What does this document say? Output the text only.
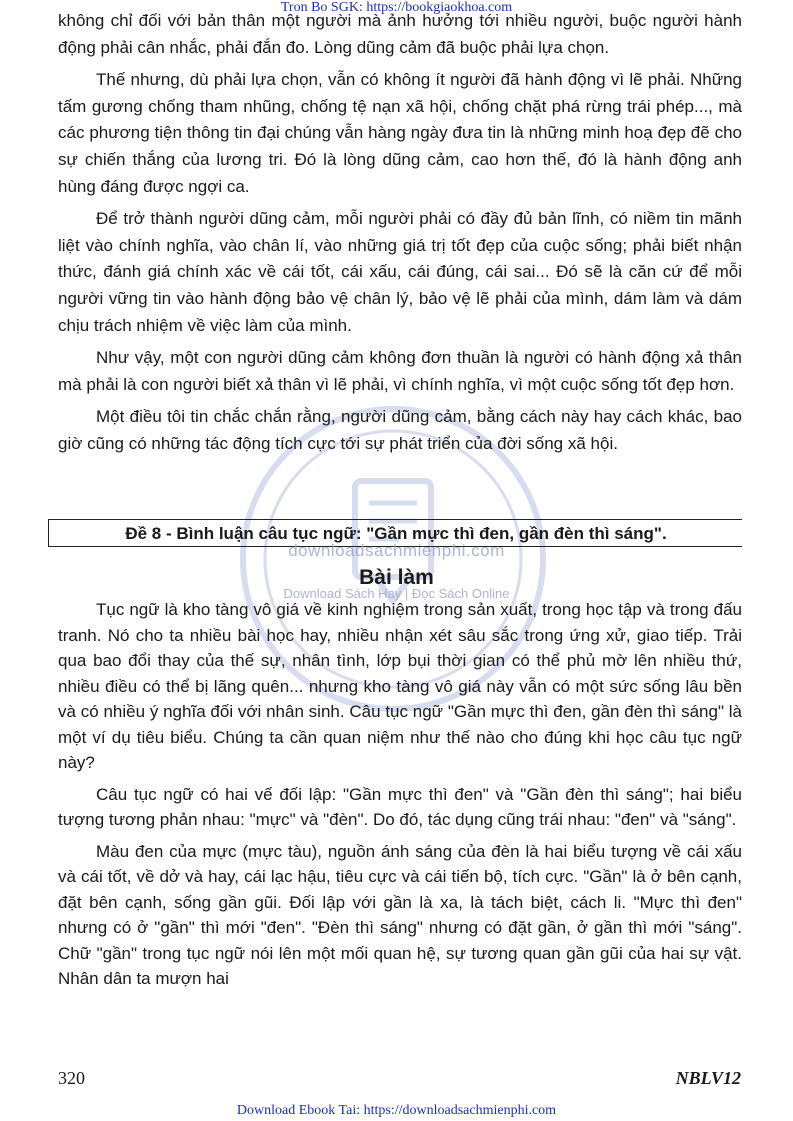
Tron Bo SGK: https://bookgiaokhoa.com

không chỉ đối với bản thân một người mà ảnh hưởng tới nhiều người, buộc người hành động phải cân nhắc, phải đắn đo. Lòng dũng cảm đã buộc phải lựa chọn.

Thế nhưng, dù phải lựa chọn, vẫn có không ít người đã hành động vì lẽ phải. Những tấm gương chống tham nhũng, chống tệ nạn xã hội, chống chặt phá rừng trái phép..., mà các phương tiện thông tin đại chúng vẫn hàng ngày đưa tin là những minh hoạ đẹp đẽ cho sự chiến thắng của lương tri. Đó là lòng dũng cảm, cao hơn thế, đó là hành động anh hùng đáng được ngợi ca.

Để trở thành người dũng cảm, mỗi người phải có đầy đủ bản lĩnh, có niềm tin mãnh liệt vào chính nghĩa, vào chân lí, vào những giá trị tốt đẹp của cuộc sống; phải biết nhận thức, đánh giá chính xác về cái tốt, cái xấu, cái đúng, cái sai... Đó sẽ là căn cứ để mỗi người vững tin vào hành động bảo vệ chân lý, bảo vệ lẽ phải của mình, dám làm và dám chịu trách nhiệm về việc làm của mình.

Như vậy, một con người dũng cảm không đơn thuần là người có hành động xả thân mà phải là con người biết xả thân vì lẽ phải, vì chính nghĩa, vì một cuộc sống tốt đẹp hơn.

Một điều tôi tin chắc chắn rằng, người dũng cảm, bằng cách này hay cách khác, bao giờ cũng có những tác động tích cực tới sự phát triển của đời sống xã hội.

Đề 8 - Bình luận câu tục ngữ: "Gần mực thì đen, gần đèn thì sáng".
downloadsachmienphi.com
Bài làm
Download Sách Hay | Đọc Sách Online

Tục ngữ là kho tàng vô giá về kinh nghiệm trong sản xuất, trong học tập và trong đấu tranh. Nó cho ta nhiều bài học hay, nhiều nhận xét sâu sắc trong ứng xử, giao tiếp. Trải qua bao đổi thay của thế sự, nhân tình, lớp bụi thời gian có thể phủ mờ lên nhiều thứ, nhiều điều có thể bị lãng quên... nhưng kho tàng vô giá này vẫn có một sức sống lâu bền và có nhiều ý nghĩa đối với nhân sinh. Câu tục ngữ "Gần mực thì đen, gần đèn thì sáng" là một ví dụ tiêu biểu. Chúng ta cần quan niệm như thế nào cho đúng khi học câu tục ngữ này?

Câu tục ngữ có hai vế đối lập: "Gần mực thì đen" và "Gần đèn thì sáng"; hai biểu tượng tương phản nhau: "mực" và "đèn". Do đó, tác dụng cũng trái nhau: "đen" và "sáng".

Màu đen của mực (mực tàu), nguồn ánh sáng của đèn là hai biểu tượng về cái xấu và cái tốt, về dở và hay, cái lạc hậu, tiêu cực và cái tiến bộ, tích cực. "Gần" là ở bên cạnh, đặt bên cạnh, sống gần gũi. Đối lập với gần là xa, là tách biệt, cách li. "Mực thì đen" nhưng có ở "gần" thì mới "đen". "Đèn thì sáng" nhưng có đặt gần, ở gần thì mới "sáng". Chữ "gần" trong tục ngữ nói lên một mối quan hệ, sự tương quan gần gũi của hai sự vật. Nhân dân ta mượn hai

320	NBLV12
Download Ebook Tai: https://downloadsachmienphi.com
